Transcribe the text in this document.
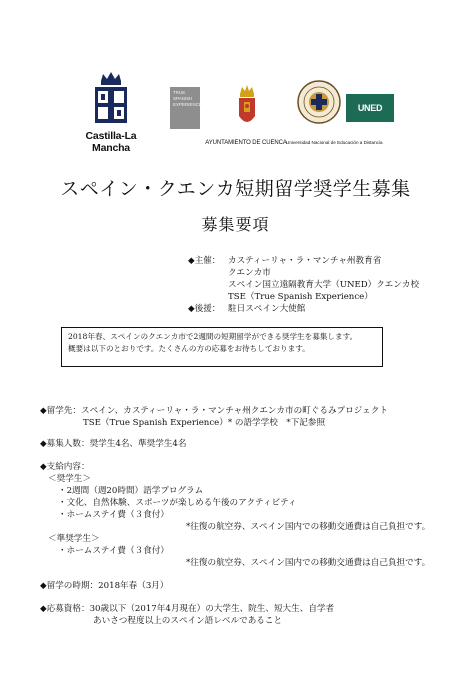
Castilla-La Mancha
TRUE
SPANISH
EXPERIENCE
AYUNTAMIENTO DE CUENCA Universidad Nacional de Educación a Distancia
UNED CUENCA
スペイン・クエンカ短期留学奨学生募集
募集要項
◆主催： カスティーリャ・ラ・マンチャ州教育省
クエンカ市
スペイン国立遠隔教育大学（UNED）クエンカ校
TSE（True Spanish Experience）
◆後援： 駐日スペイン大使館
2018年春、スペインのクエンカ市で2週間の短期留学ができる奨学生を募集します。
概要は以下のとおりです。たくさんの方の応募をお待ちしております。
◆留学先：スペイン、カスティーリャ・ラ・マンチャ州クエンカ市の町ぐるみプロジェクト
TSE（True Spanish Experience）* の語学学校　*下記参照
◆募集人数：奨学生4名、準奨学生4名
◆支給内容：
＜奨学生＞
・2週間（週20時間）語学プログラム
・文化、自然体験、スポーツが楽しめる午後のアクティビティ
・ホームステイ費（３食付）
*往復の航空券、スペイン国内での移動交通費は自己負担です。
＜準奨学生＞
・ホームステイ費（３食付）
*往復の航空券、スペイン国内での移動交通費は自己負担です。
◆留学の時期：2018年春（3月）
◆応募資格：30歳以下（2017年4月現在）の大学生、院生、短大生、自学者
あいさつ程度以上のスペイン語レベルであること
